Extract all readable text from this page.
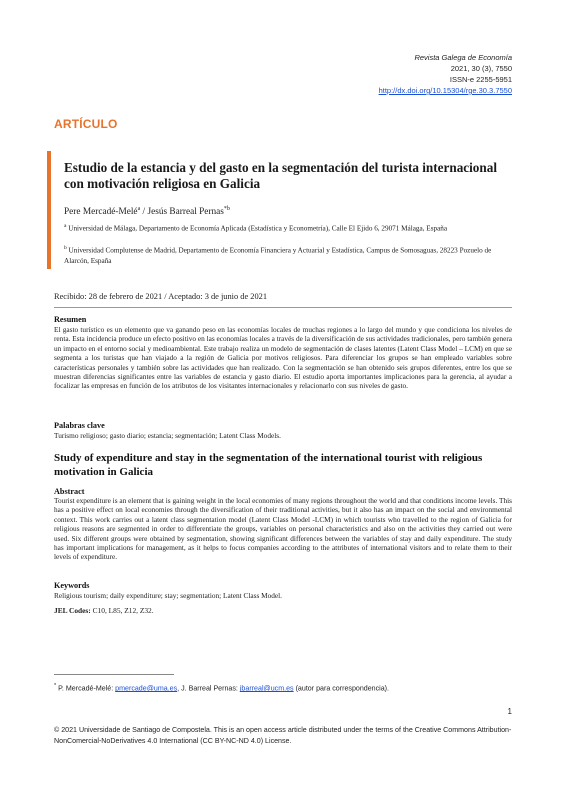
Revista Galega de Economía
2021, 30 (3), 7550
ISSN-e 2255-5951
http://dx.doi.org/10.15304/rge.30.3.7550
ARTÍCULO
Estudio de la estancia y del gasto en la segmentación del turista internacional con motivación religiosa en Galicia
Pere Mercadé-Melé$^a$ / Jesús Barreal Pernas$^{*b}$
$^a$ Universidad de Málaga, Departamento de Economía Aplicada (Estadística y Econometría), Calle El Ejido 6, 29071 Málaga, España
$^b$ Universidad Complutense de Madrid, Departamento de Economía Financiera y Actuarial y Estadística, Campus de Somosaguas, 28223 Pozuelo de Alarcón, España
Recibido: 28 de febrero de 2021 / Aceptado: 3 de junio de 2021
Resumen
El gasto turístico es un elemento que va ganando peso en las economías locales de muchas regiones a lo largo del mundo y que condiciona los niveles de renta. Esta incidencia produce un efecto positivo en las economías locales a través de la diversificación de sus actividades tradicionales, pero también genera un impacto en el entorno social y medioambiental. Este trabajo realiza un modelo de segmentación de clases latentes (Latent Class Model – LCM) en que se segmenta a los turistas que han viajado a la región de Galicia por motivos religiosos. Para diferenciar los grupos se han empleado variables sobre características personales y también sobre las actividades que han realizado. Con la segmentación se han obtenido seis grupos diferentes, entre los que se muestran diferencias significantes entre las variables de estancia y gasto diario. El estudio aporta importantes implicaciones para la gerencia, al ayudar a focalizar las empresas en función de los atributos de los visitantes internacionales y relacionarlo con sus niveles de gasto.
Palabras clave
Turismo religioso; gasto diario; estancia; segmentación; Latent Class Models.
Study of expenditure and stay in the segmentation of the international tourist with religious motivation in Galicia
Abstract
Tourist expenditure is an element that is gaining weight in the local economies of many regions throughout the world and that conditions income levels. This has a positive effect on local economies through the diversification of their traditional activities, but it also has an impact on the social and environmental context. This work carries out a latent class segmentation model (Latent Class Model -LCM) in which tourists who travelled to the region of Galicia for religious reasons are segmented in order to differentiate the groups, variables on personal characteristics and also on the activities they carried out were used. Six different groups were obtained by segmentation, showing significant differences between the variables of stay and daily expenditure. The study has important implications for management, as it helps to focus companies according to the attributes of international visitors and to relate them to their levels of expenditure.
Keywords
Religious tourism; daily expenditure; stay; segmentation; Latent Class Model.
JEL Codes: C10, L85, Z12, Z32.
* P. Mercadé-Melé: pmercade@uma.es, J. Barreal Pernas: jbarreal@ucm.es (autor para correspondencia).
1
© 2021 Universidade de Santiago de Compostela. This is an open access article distributed under the terms of the Creative Commons Attribution-NonComercial-NoDerivatives 4.0 International (CC BY-NC-ND 4.0) License.
